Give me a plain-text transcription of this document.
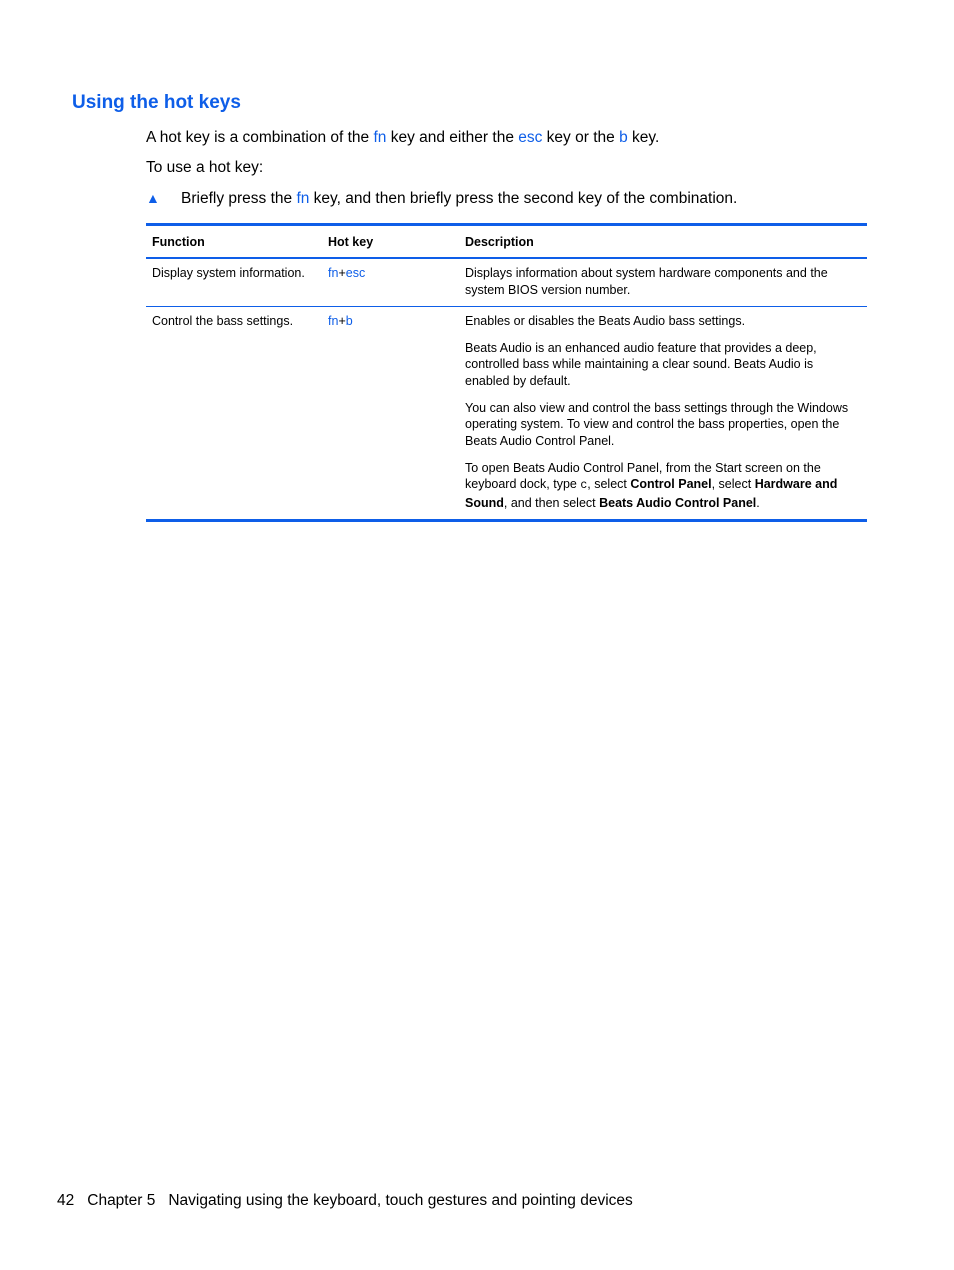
Using the hot keys

A hot key is a combination of the fn key and either the esc key or the b key.

To use a hot key:

▲ Briefly press the fn key, and then briefly press the second key of the combination.
Function	Hot key	Description
Display system information.	fn+esc	Displays information about system hardware components and the system BIOS version number.
Control the bass settings.	fn+b	Enables or disables the Beats Audio bass settings.

Beats Audio is an enhanced audio feature that provides a deep, controlled bass while maintaining a clear sound. Beats Audio is enabled by default.

You can also view and control the bass settings through the Windows operating system. To view and control the bass properties, open the Beats Audio Control Panel.

To open Beats Audio Control Panel, from the Start screen on the keyboard dock, type c, select Control Panel, select Hardware and Sound, and then select Beats Audio Control Panel.

42 Chapter 5 Navigating using the keyboard, touch gestures and pointing devices
